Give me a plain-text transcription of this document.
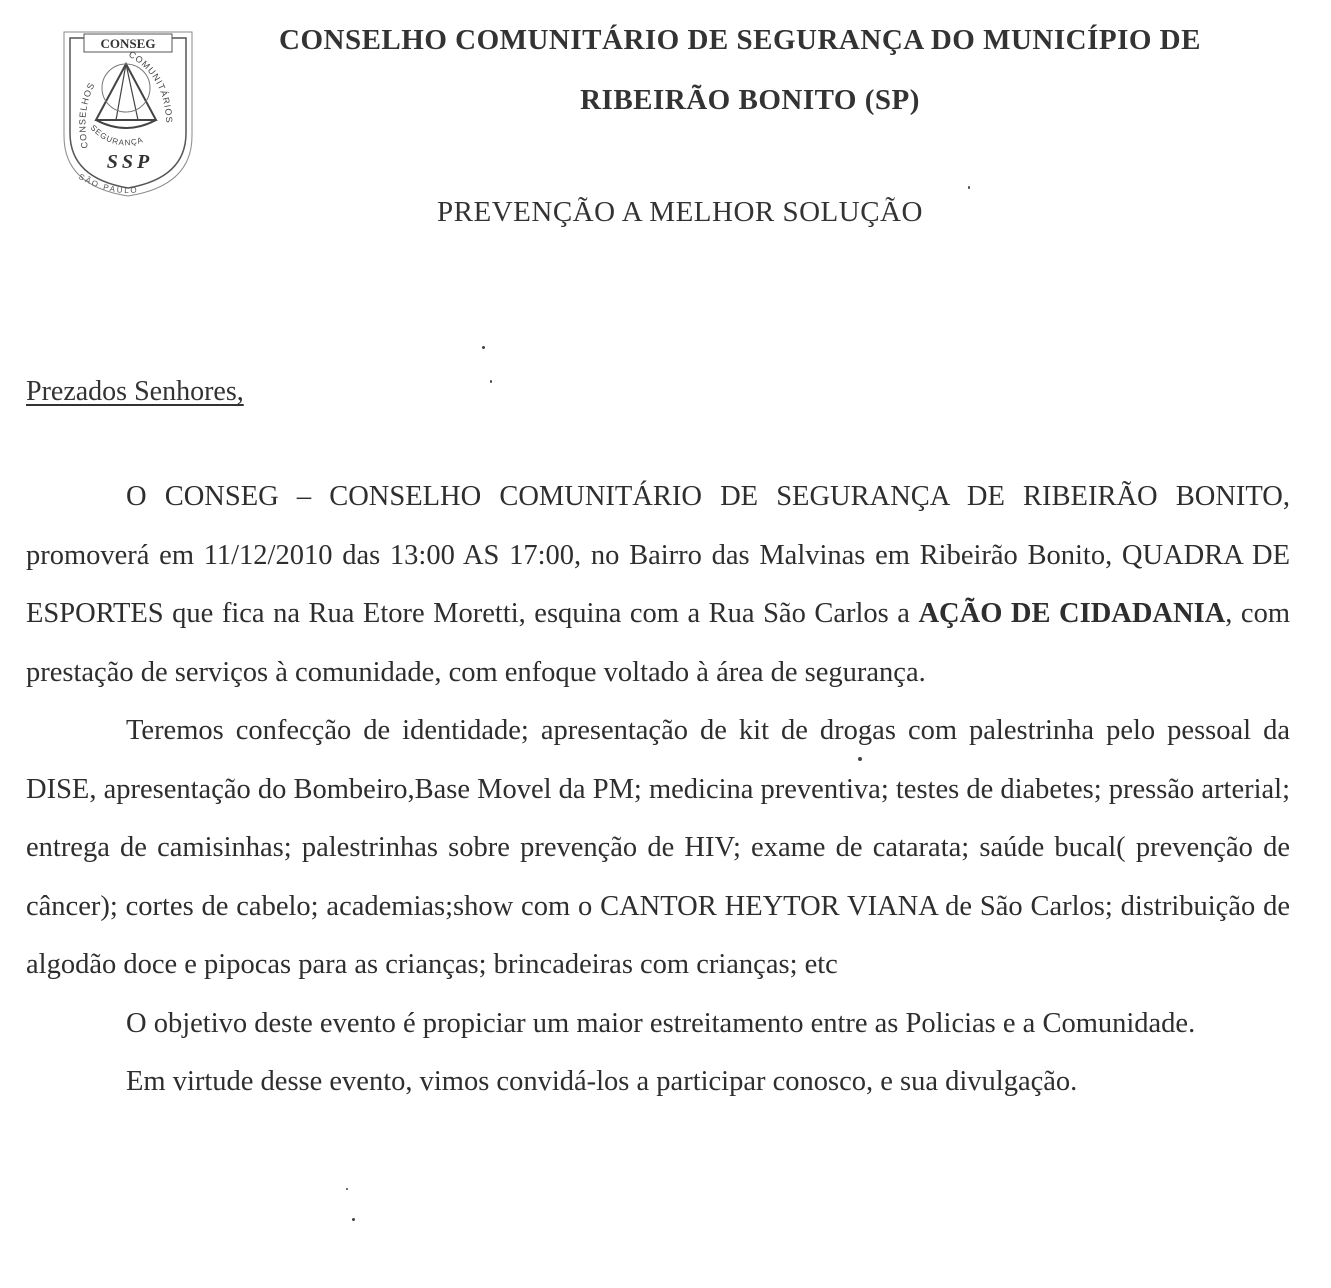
CONSEG
CONSELHOS
COMUNITÁRIOS
SEGURANÇA
SSP
SÃO PAULO
CONSELHO COMUNITÁRIO DE SEGURANÇA DO MUNICÍPIO DE
RIBEIRÃO BONITO (SP)
PREVENÇÃO A MELHOR SOLUÇÃO
Prezados Senhores,

O CONSEG – CONSELHO COMUNITÁRIO DE SEGURANÇA DE RIBEIRÃO BONITO, promoverá em 11/12/2010 das 13:00 AS 17:00, no Bairro das Malvinas em Ribeirão Bonito, QUADRA DE ESPORTES que fica na Rua Etore Moretti, esquina com a Rua São Carlos a AÇÃO DE CIDADANIA, com prestação de serviços à comunidade, com enfoque voltado à área de segurança.

Teremos confecção de identidade; apresentação de kit de drogas com palestrinha pelo pessoal da DISE, apresentação do Bombeiro,Base Movel da PM; medicina preventiva; testes de diabetes; pressão arterial; entrega de camisinhas; palestrinhas sobre prevenção de HIV; exame de catarata; saúde bucal( prevenção de câncer); cortes de cabelo; academias;show com o CANTOR HEYTOR VIANA de São Carlos; distribuição de algodão doce e pipocas para as crianças; brincadeiras com crianças; etc

O objetivo deste evento é propiciar um maior estreitamento entre as Policias e a Comunidade.

Em virtude desse evento, vimos convidá-los a participar conosco, e sua divulgação.
